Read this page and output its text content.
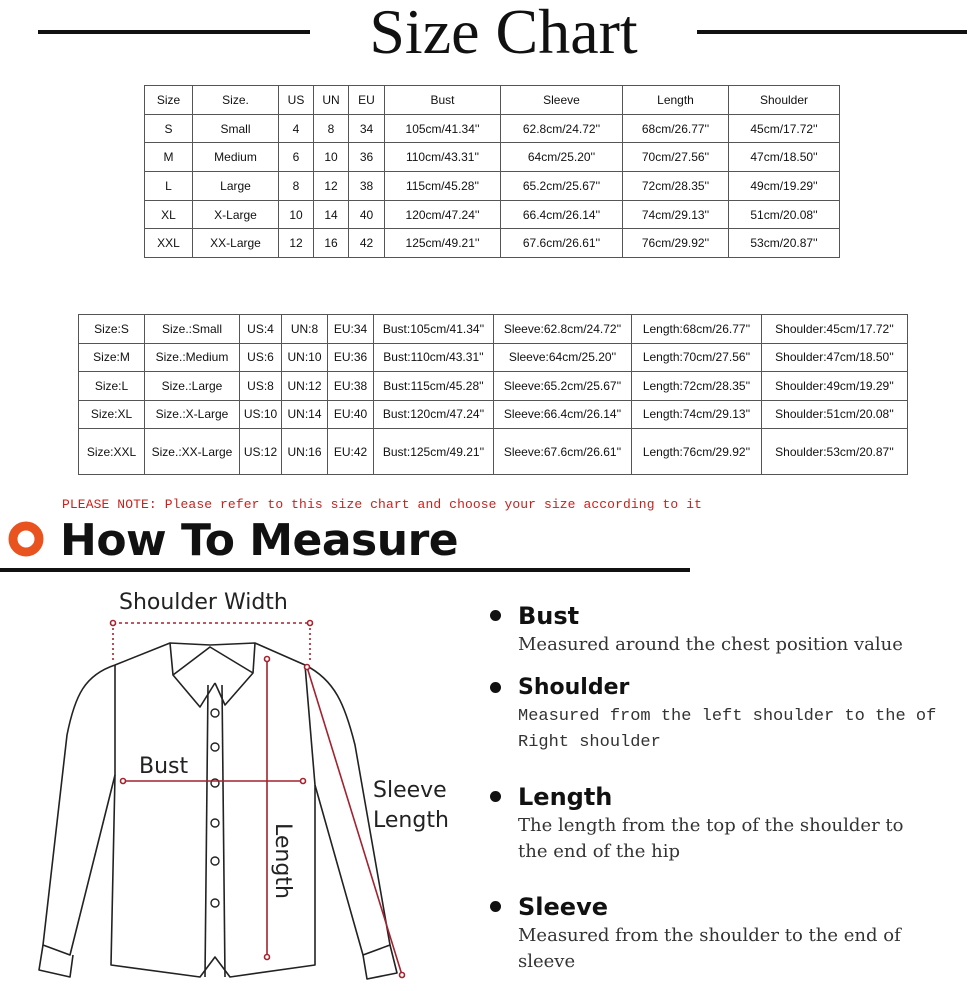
Size Chart
Size	Size.	US	UN	EU	Bust	Sleeve	Length	Shoulder
S	Small	4	8	34	105cm/41.34''	62.8cm/24.72''	68cm/26.77''	45cm/17.72''
M	Medium	6	10	36	110cm/43.31''	64cm/25.20''	70cm/27.56''	47cm/18.50''
L	Large	8	12	38	115cm/45.28''	65.2cm/25.67''	72cm/28.35''	49cm/19.29''
XL	X-Large	10	14	40	120cm/47.24''	66.4cm/26.14''	74cm/29.13''	51cm/20.08''
XXL	XX-Large	12	16	42	125cm/49.21''	67.6cm/26.61''	76cm/29.92''	53cm/20.87''
Size:S	Size.:Small	US:4	UN:8	EU:34	Bust:105cm/41.34''	Sleeve:62.8cm/24.72''	Length:68cm/26.77''	Shoulder:45cm/17.72''
Size:M	Size.:Medium	US:6	UN:10	EU:36	Bust:110cm/43.31''	Sleeve:64cm/25.20''	Length:70cm/27.56''	Shoulder:47cm/18.50''
Size:L	Size.:Large	US:8	UN:12	EU:38	Bust:115cm/45.28''	Sleeve:65.2cm/25.67''	Length:72cm/28.35''	Shoulder:49cm/19.29''
Size:XL	Size.:X-Large	US:10	UN:14	EU:40	Bust:120cm/47.24''	Sleeve:66.4cm/26.14''	Length:74cm/29.13''	Shoulder:51cm/20.08''
Size:XXL	Size.:XX-Large	US:12	UN:16	EU:42	Bust:125cm/49.21''	Sleeve:67.6cm/26.61''	Length:76cm/29.92''	Shoulder:53cm/20.87''
PLEASE NOTE: Please refer to this size chart and choose your size according to it
How To Measure
Shoulder Width
Bust
Sleeve
Length
Length
Bust
Measured around the chest position value
Shoulder
Measured from the left shoulder to the of Right shoulder
Length
The length from the top of the shoulder to the end of the hip
Sleeve
Measured from the shoulder to the end of sleeve
